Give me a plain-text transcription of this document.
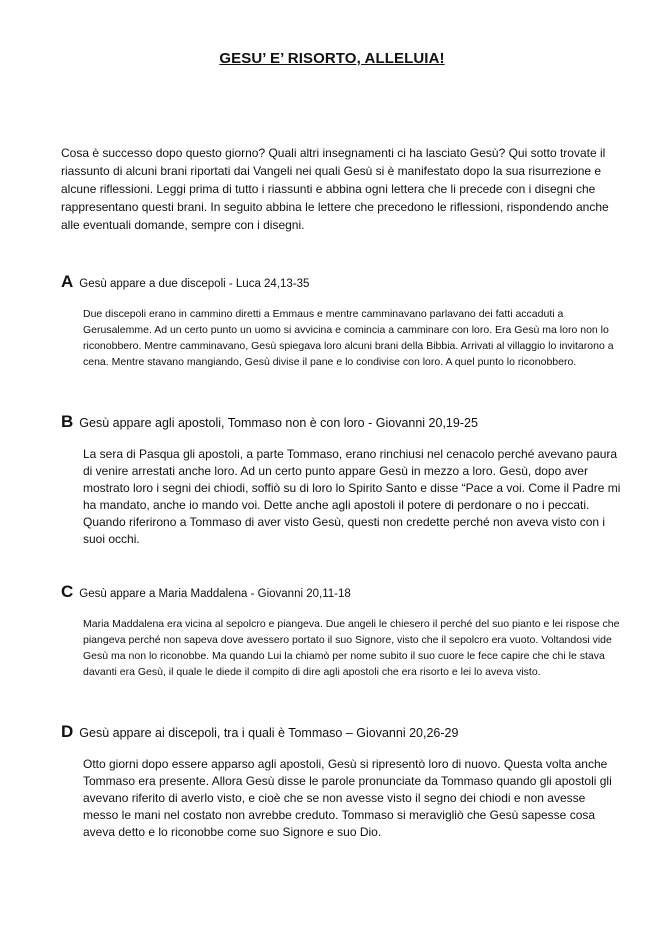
GESU’ E’ RISORTO, ALLELUIA!

Cosa è successo dopo questo giorno? Quali altri insegnamenti ci ha lasciato Gesù? Qui sotto trovate il riassunto di alcuni brani riportati dai Vangeli nei quali Gesù si è manifestato dopo la sua risurrezione e alcune riflessioni. Leggi prima di tutto i riassunti e abbina ogni lettera che li precede con i disegni che rappresentano questi brani. In seguito abbina le lettere che precedono le riflessioni, rispondendo anche alle eventuali domande, sempre con i disegni.

A Gesù appare a due discepoli - Luca 24,13-35
Due discepoli erano in cammino diretti a Emmaus e mentre camminavano parlavano dei fatti accaduti a Gerusalemme. Ad un certo punto un uomo si avvicina e comincia a camminare con loro. Era Gesù ma loro non lo riconobbero. Mentre camminavano, Gesù spiegava loro alcuni brani della Bibbia. Arrivati al villaggio lo invitarono a cena. Mentre stavano mangiando, Gesù divise il pane e lo condivise con loro. A quel punto lo riconobbero.
B Gesù appare agli apostoli, Tommaso non è con loro - Giovanni 20,19-25
La sera di Pasqua gli apostoli, a parte Tommaso, erano rinchiusi nel cenacolo perché avevano paura di venire arrestati anche loro. Ad un certo punto appare Gesù in mezzo a loro. Gesù, dopo aver mostrato loro i segni dei chiodi, soffiò su di loro lo Spirito Santo e disse “Pace a voi. Come il Padre mi ha mandato, anche io mando voi. Dette anche agli apostoli il potere di perdonare o no i peccati. Quando riferirono a Tommaso di aver visto Gesù, questi non credette perché non aveva visto con i suoi occhi.
C Gesù appare a Maria Maddalena - Giovanni 20,11-18
Maria Maddalena era vicina al sepolcro e piangeva. Due angeli le chiesero il perché del suo pianto e lei rispose che piangeva perché non sapeva dove avessero portato il suo Signore, visto che il sepolcro era vuoto. Voltandosi vide Gesù ma non lo riconobbe. Ma quando Lui la chiamò per nome subito il suo cuore le fece capire che chi le stava davanti era Gesù, il quale le diede il compito di dire agli apostoli che era risorto e lei lo aveva visto.
D Gesù appare ai discepoli, tra i quali è Tommaso – Giovanni 20,26-29
Otto giorni dopo essere apparso agli apostoli, Gesù si ripresentò loro di nuovo. Questa volta anche Tommaso era presente. Allora Gesù disse le parole pronunciate da Tommaso quando gli apostoli gli avevano riferito di averlo visto, e cioè che se non avesse visto il segno dei chiodi e non avesse messo le mani nel costato non avrebbe creduto. Tommaso si meravigliò che Gesù sapesse cosa aveva detto e lo riconobbe come suo Signore e suo Dio.
